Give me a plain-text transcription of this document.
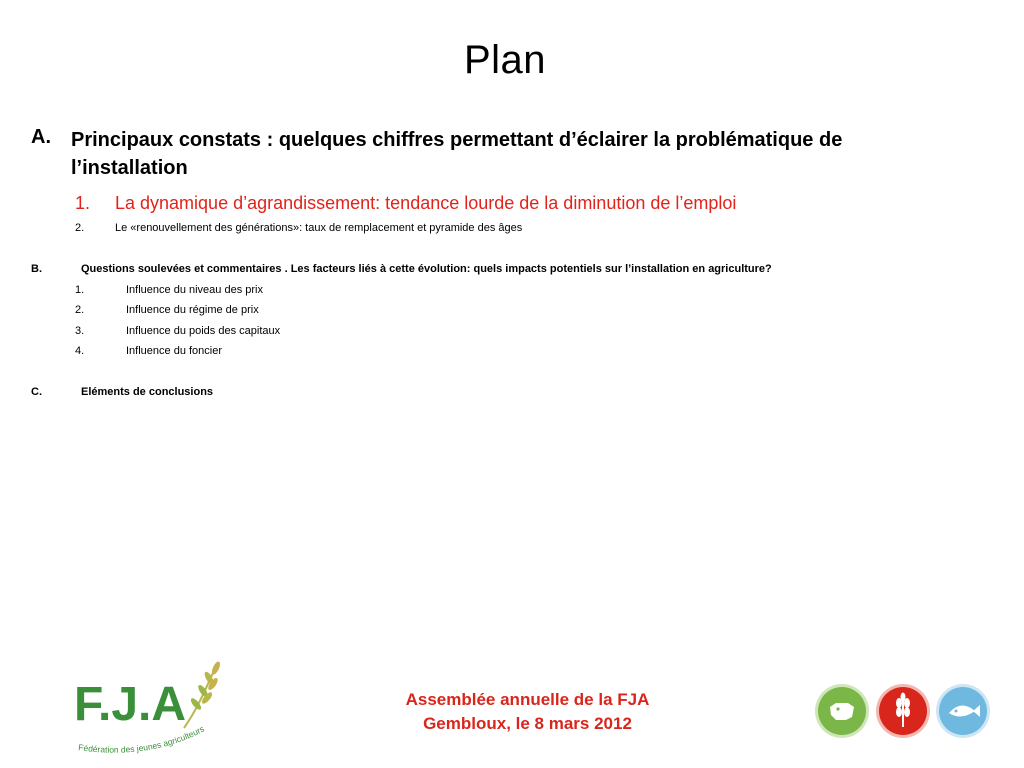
Plan
A. Principaux constats : quelques chiffres permettant d’éclairer la problématique de
l’installation
1. La dynamique d’agrandissement: tendance lourde de la diminution de l’emploi
2.	Le «renouvellement des générations»: taux de remplacement et pyramide des âges
B.	Questions soulevées et commentaires . Les facteurs liés à cette évolution: quels impacts potentiels sur l’installation en agriculture?
1.	Influence du niveau des prix
2.	Influence du régime de prix
3.	Influence du poids des capitaux
4.	Influence du foncier
C.	Eléments de conclusions
F.J.A
Fédération des jeunes agriculteurs
Assemblée annuelle de la FJA
Gembloux, le 8 mars 2012
